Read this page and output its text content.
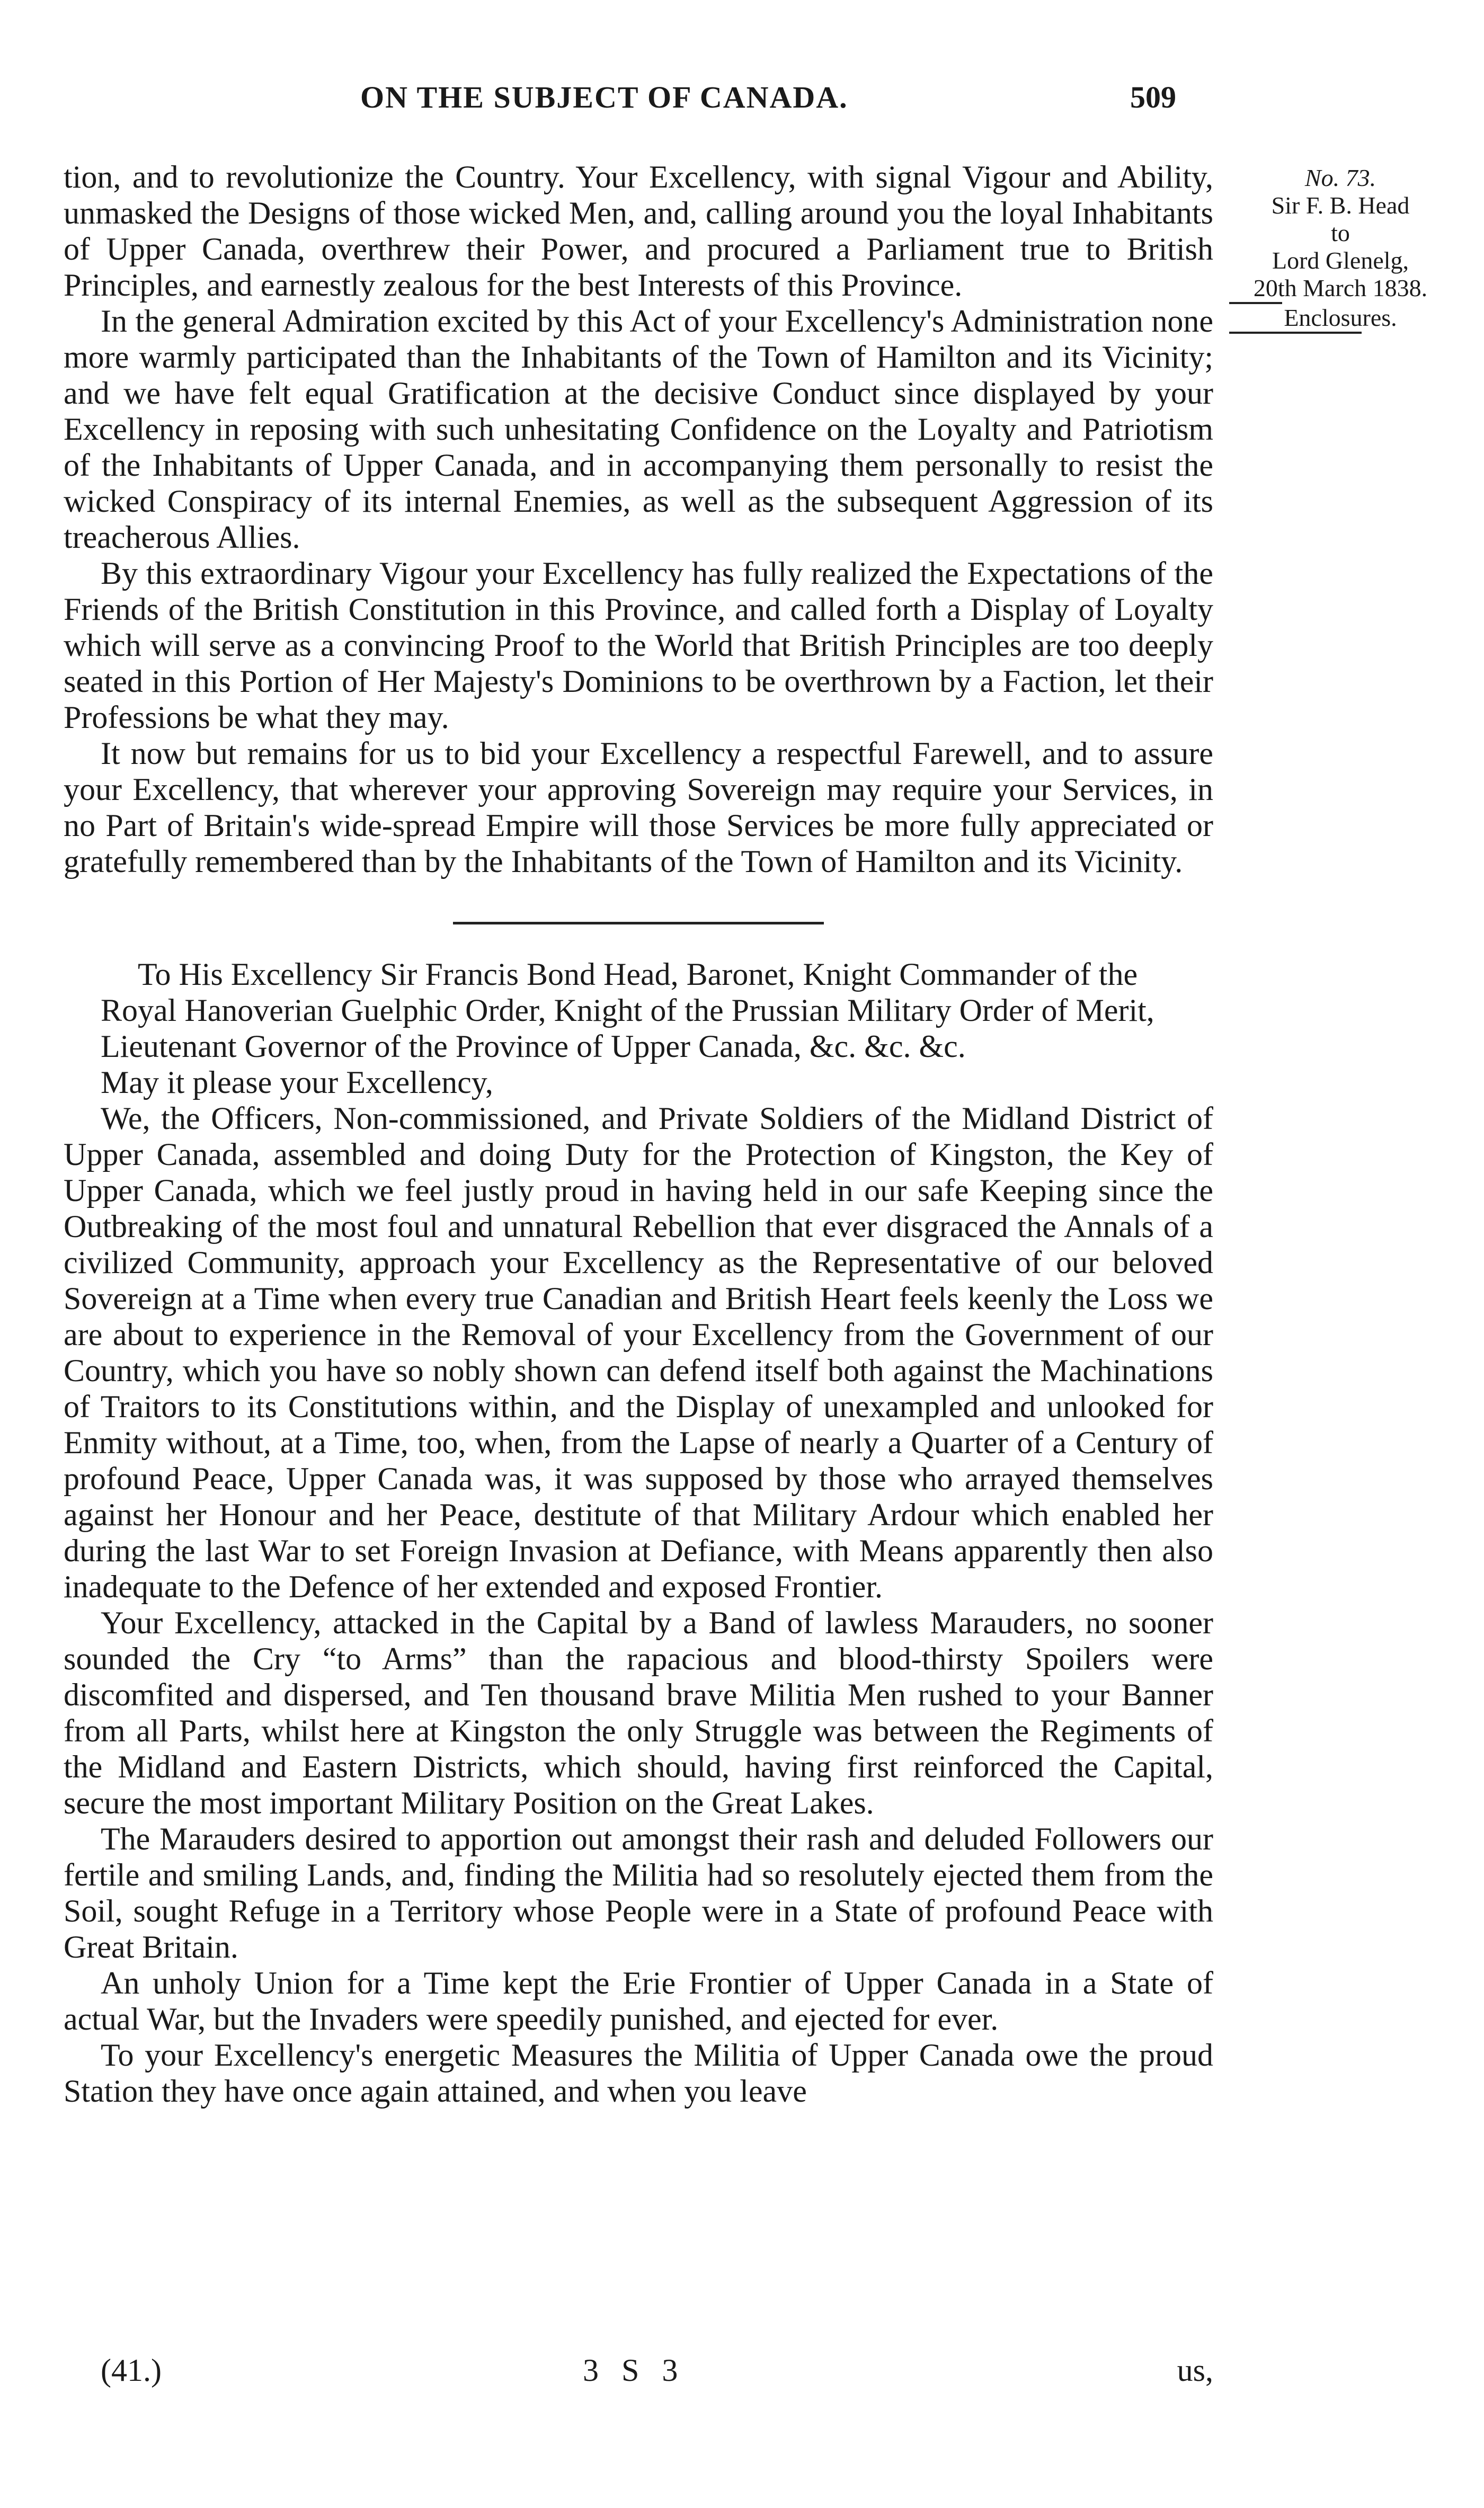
ON THE SUBJECT OF CANADA.	509
No. 73.
Sir F. B. Head
to
Lord Glenelg,
20th March 1838.
Enclosures.

tion, and to revolutionize the Country. Your Excellency, with signal Vigour and Ability, unmasked the Designs of those wicked Men, and, calling around you the loyal Inhabitants of Upper Canada, overthrew their Power, and procured a Parliament true to British Principles, and earnestly zealous for the best Interests of this Province.

In the general Admiration excited by this Act of your Excellency's Administration none more warmly participated than the Inhabitants of the Town of Hamilton and its Vicinity; and we have felt equal Gratification at the decisive Conduct since displayed by your Excellency in reposing with such unhesitating Confidence on the Loyalty and Patriotism of the Inhabitants of Upper Canada, and in accompanying them personally to resist the wicked Conspiracy of its internal Enemies, as well as the subsequent Aggression of its treacherous Allies.

By this extraordinary Vigour your Excellency has fully realized the Expectations of the Friends of the British Constitution in this Province, and called forth a Display of Loyalty which will serve as a convincing Proof to the World that British Principles are too deeply seated in this Portion of Her Majesty's Dominions to be overthrown by a Faction, let their Professions be what they may.

It now but remains for us to bid your Excellency a respectful Farewell, and to assure your Excellency, that wherever your approving Sovereign may require your Services, in no Part of Britain's wide-spread Empire will those Services be more fully appreciated or gratefully remembered than by the Inhabitants of the Town of Hamilton and its Vicinity.

To His Excellency Sir Francis Bond Head, Baronet, Knight Commander of the Royal Hanoverian Guelphic Order, Knight of the Prussian Military Order of Merit, Lieutenant Governor of the Province of Upper Canada, &c. &c. &c.

May it please your Excellency,

We, the Officers, Non-commissioned, and Private Soldiers of the Midland District of Upper Canada, assembled and doing Duty for the Protection of Kingston, the Key of Upper Canada, which we feel justly proud in having held in our safe Keeping since the Outbreaking of the most foul and unnatural Rebellion that ever disgraced the Annals of a civilized Community, approach your Excellency as the Representative of our beloved Sovereign at a Time when every true Canadian and British Heart feels keenly the Loss we are about to experience in the Removal of your Excellency from the Government of our Country, which you have so nobly shown can defend itself both against the Machinations of Traitors to its Constitutions within, and the Display of unexampled and unlooked for Enmity without, at a Time, too, when, from the Lapse of nearly a Quarter of a Century of profound Peace, Upper Canada was, it was supposed by those who arrayed themselves against her Honour and her Peace, destitute of that Military Ardour which enabled her during the last War to set Foreign Invasion at Defiance, with Means apparently then also inadequate to the Defence of her extended and exposed Frontier.

Your Excellency, attacked in the Capital by a Band of lawless Marauders, no sooner sounded the Cry “to Arms” than the rapacious and blood-thirsty Spoilers were discomfited and dispersed, and Ten thousand brave Militia Men rushed to your Banner from all Parts, whilst here at Kingston the only Struggle was between the Regiments of the Midland and Eastern Districts, which should, having first reinforced the Capital, secure the most important Military Position on the Great Lakes.

The Marauders desired to apportion out amongst their rash and deluded Followers our fertile and smiling Lands, and, finding the Militia had so resolutely ejected them from the Soil, sought Refuge in a Territory whose People were in a State of profound Peace with Great Britain.

An unholy Union for a Time kept the Erie Frontier of Upper Canada in a State of actual War, but the Invaders were speedily punished, and ejected for ever.

To your Excellency's energetic Measures the Militia of Upper Canada owe the proud Station they have once again attained, and when you leave

(41.)	3 S 3	us,
